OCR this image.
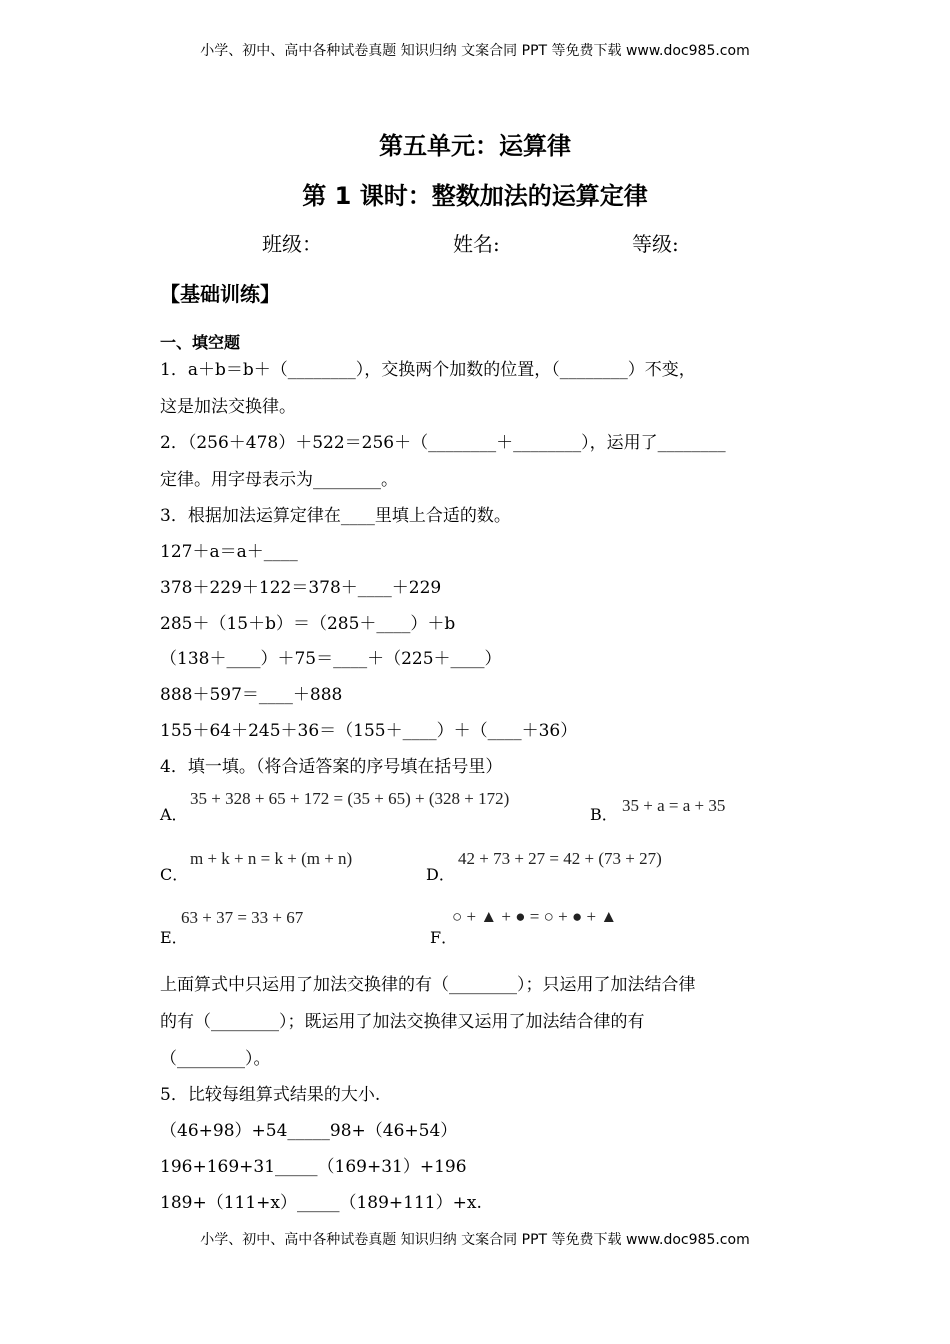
小学、初中、高中各种试卷真题 知识归纳 文案合同 PPT 等免费下载 www.doc985.com
第五单元：运算律
第 1 课时：整数加法的运算定律
班级：	姓名:	等级:
【基础训练】
一、填空题
1．a＋b＝b＋（________），交换两个加数的位置，（________）不变，
这是加法交换律。
2．（256＋478）＋522＝256＋（________＋________），运用了________
定律。用字母表示为________。
3．根据加法运算定律在____里填上合适的数。
127＋a＝a＋____
378＋229＋122＝378＋____＋229
285＋（15＋b）＝（285＋____）＋b
（138＋____）＋75＝____＋（225＋____）
888＋597＝____＋888
155＋64＋245＋36＝（155＋____）＋（____＋36）
4．填一填。（将合适答案的序号填在括号里）
A．
35 + 328 + 65 + 172 = (35 + 65) + (328 + 172)
B． 35 + a = a + 35
C．
m + k + n = k + (m + n)
D．
42 + 73 + 27 = 42 + (73 + 27)
E．
63 + 37 = 33 + 67
F．
○ + ▲ + ● = ○ + ● + ▲
上面算式中只运用了加法交换律的有（________）；只运用了加法结合律
的有（________）；既运用了加法交换律又运用了加法结合律的有
（________）。
5．比较每组算式结果的大小.
（46+98）+54_____98+（46+54）
196+169+31_____（169+31）+196
189+（111+x）_____（189+111）+x.
小学、初中、高中各种试卷真题 知识归纳 文案合同 PPT 等免费下载 www.doc985.com
